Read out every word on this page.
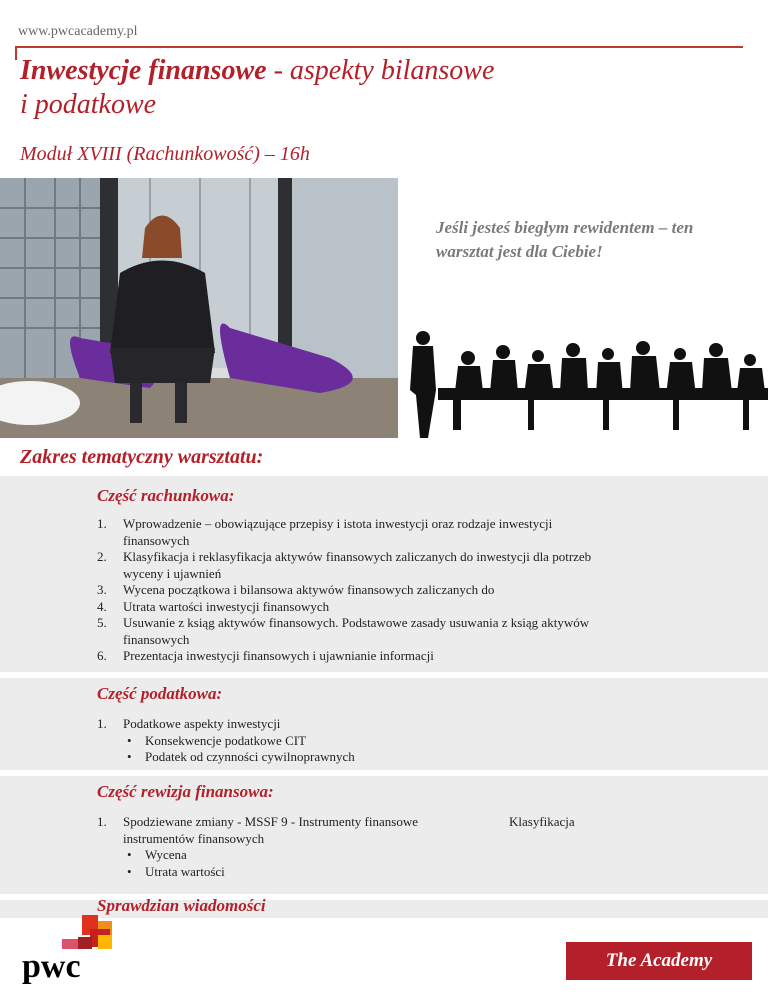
www.pwcacademy.pl
Inwestycje finansowe - aspekty bilansowe
i podatkowe
Moduł XVIII (Rachunkowość) – 16h
Jeśli jesteś biegłym rewidentem – ten warsztat jest dla Ciebie!
Zakres tematyczny warsztatu:
Część rachunkowa:
1. Wprowadzenie – obowiązujące przepisy i istota inwestycji oraz rodzaje inwestycji finansowych
2. Klasyfikacja i reklasyfikacja aktywów finansowych zaliczanych do inwestycji dla potrzeb wyceny i ujawnień
3. Wycena początkowa i bilansowa aktywów finansowych zaliczanych do
4. Utrata wartości inwestycji finansowych
5. Usuwanie z ksiąg aktywów finansowych. Podstawowe zasady usuwania z ksiąg aktywów finansowych
6. Prezentacja inwestycji finansowych i ujawnianie informacji
Część podatkowa:
1. Podatkowe aspekty inwestycji
• Konsekwencje podatkowe CIT
• Podatek od czynności cywilnoprawnych
Część rewizja finansowa:
1. Spodziewane zmiany - MSSF 9 - Instrumenty finansowe	Klasyfikacja

instrumentów finansowych
• Wycena
• Utrata wartości
Sprawdzian wiadomości
pwc	The Academy
